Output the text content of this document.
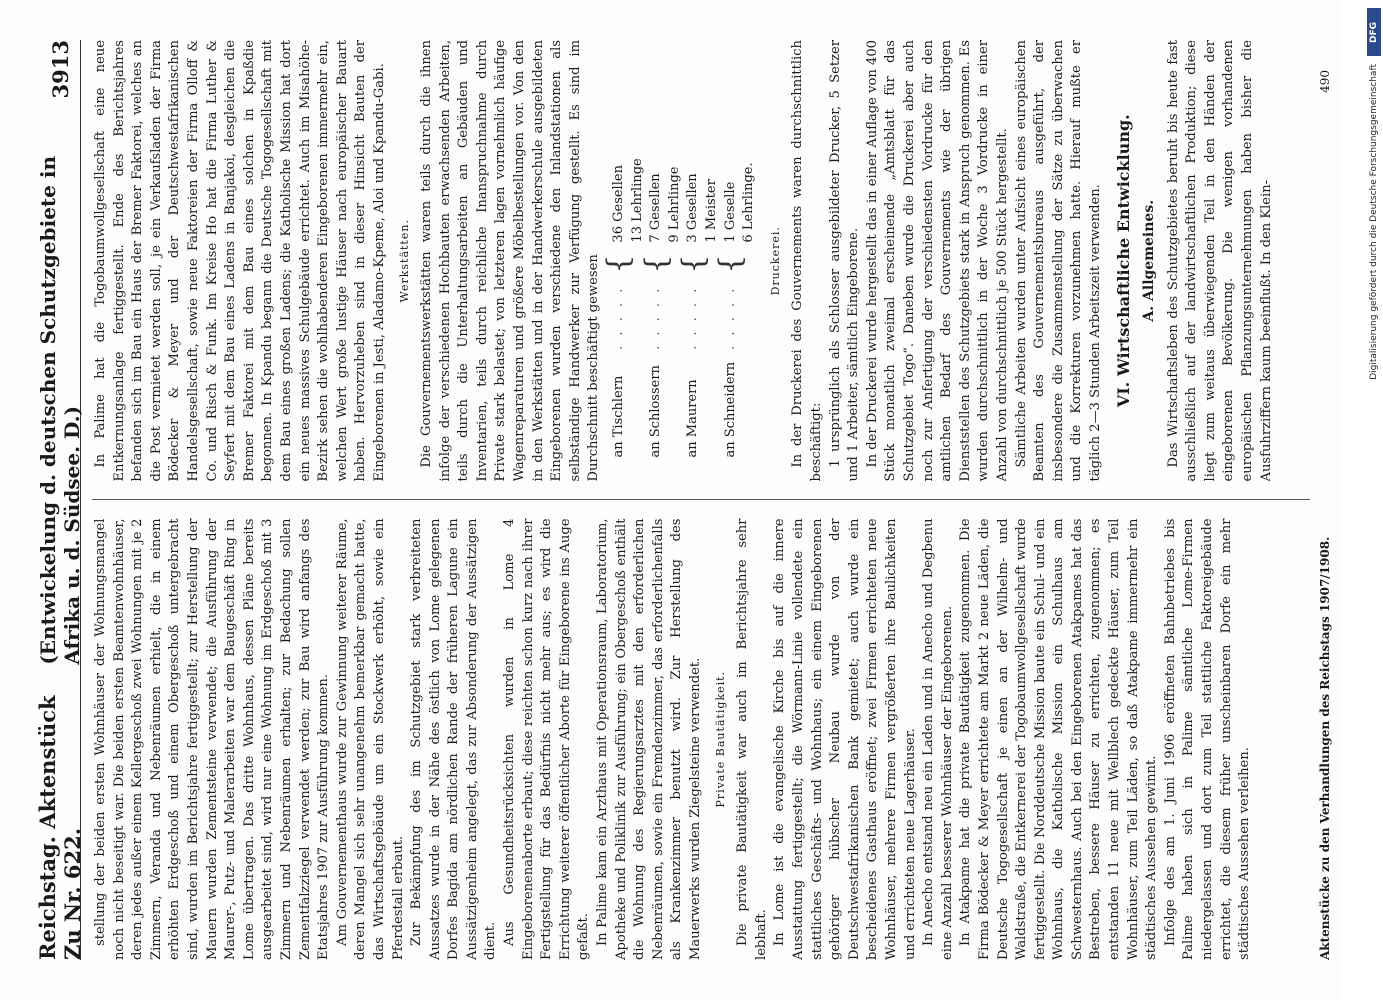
Reichstag. Aktenstück Zu Nr. 622.
(Entwickelung d. deutschen Schutzgebiete in Afrika u. d. Südsee. D.)
3913

stellung der beiden ersten Wohnhäuser der Wohnungsmangel noch nicht beseitigt war. Die beiden ersten Beamtenwohnhäuser, deren jedes außer einem Kellergeschoß zwei Wohnungen mit je 2 Zimmern, Veranda und Nebenräumen erhielt, die in einem erhöhten Erdgeschoß und einem Obergeschoß untergebracht sind, wurden im Berichtsjahre fertiggestellt; zur Herstellung der Mauern wurden Zementsteine verwendet; die Ausführung der Maurer-, Putz- und Malerarbeiten war dem Baugeschäft Ring in Lome übertragen. Das dritte Wohnhaus, dessen Pläne bereits ausgearbeitet sind, wird nur eine Wohnung im Erdgeschoß mit 3 Zimmern und Nebenräumen erhalten; zur Bedachung sollen Zementfalzziegel verwendet werden; zur Bau wird anfangs des Etatsjahres 1907 zur Ausführung kommen. Am Gouvernementhaus wurde zur Gewinnung weiterer Räume, deren Mangel sich sehr unangenehm bemerkbar gemacht hatte, das Wirtschaftsgebäude um ein Stockwerk erhöht, sowie ein Pferdestall erbaut. Zur Bekämpfung des im Schutzgebiet stark verbreiteten Aussatzes wurde in der Nähe des östlich von Lome gelegenen Dorfes Bagida am nördlichen Rande der früheren Lagune ein Aussätzigenheim angelegt, das zur Absonderung der Aussätzigen dient. Aus Gesundheitsrücksichten wurden in Lome 4 Eingeborenenaborte erbaut; diese reichten schon kurz nach ihrer Fertigstellung für das Bedürfnis nicht mehr aus; es wird die Errichtung weiterer öffentlicher Aborte für Eingeborene ins Auge gefaßt. In Palime kam ein Arzthaus mit Operationsraum, Laboratorium, Apotheke und Poliklinik zur Ausführung; ein Obergeschoß enthält die Wohnung des Regierungsarztes mit den erforderlichen Nebenräumen, sowie ein Fremdenzimmer, das erforderlichenfalls als Krankenzimmer benutzt wird. Zur Herstellung des Mauerwerks wurden Ziegelsteine verwendet. Private Bautätigkeit. Die private Bautätigkeit war auch im Berichtsjahre sehr lebhaft. In Lome ist die evangelische Kirche bis auf die innere Ausstattung fertiggestellt; die Wörmann-Linie vollendete ein stattliches Geschäfts- und Wohnhaus; ein einem Eingeborenen gehöriger hübscher Neubau wurde von der Deutschwestafrikanischen Bank gemietet; auch wurde ein bescheidenes Gasthaus eröffnet; zwei Firmen errichteten neue Wohnhäuser, mehrere Firmen vergrößerten ihre Baulichkeiten und errichteten neue Lagerhäuser. In Anecho entstand neu ein Laden und in Anecho und Degbenu eine Anzahl besserer Wohnhäuser der Eingeborenen. In Atakpame hat die private Bautätigkeit zugenommen. Die Firma Bödecker & Meyer errichtete am Markt 2 neue Läden, die Deutsche Togogesellschaft je einen an der Wilhelm- und Waldstraße, die Entkernerei der Togobaumwollgesellschaft wurde fertiggestellt. Die Norddeutsche Mission baute ein Schul- und ein Wohnhaus, die Katholische Mission ein Schulhaus am Schwesternhaus. Auch bei den Eingeborenen Atakpames hat das Bestreben, bessere Häuser zu errichten, zugenommen; es entstanden 11 neue mit Wellblech gedeckte Häuser, zum Teil Wohnhäuser, zum Teil Läden, so daß Atakpame immermehr ein städtisches Aussehen gewinnt. Infolge des am 1. Juni 1906 eröffneten Bahnbetriebes bis Palime haben sich in Palime sämtliche Lome-Firmen niedergelassen und dort zum Teil stattliche Faktoreigebäude errichtet, die diesem früher unscheinbaren Dorfe ein mehr städtisches Aussehen verleihen.

In Palime hat die Togobaumwollgesellschaft eine neue Entkernungsanlage fertiggestellt. Ende des Berichtsjahres befanden sich im Bau ein Haus der Bremer Faktorei, welches an die Post vermietet werden soll, je ein Verkaufsladen der Firma Bödecker & Meyer und der Deutschwestafrikanischen Handelsgesellschaft, sowie neue Faktoreien der Firma Olloff & Co. und Risch & Funk. Im Kreise Ho hat die Firma Luther & Seyfert mit dem Bau eines Ladens in Banjakoi, desgleichen die Bremer Faktorei mit dem Bau eines solchen in Kpaßdie begonnen. In Kpandu begann die Deutsche Togogesellschaft mit dem Bau eines großen Ladens; die Katholische Mission hat dort ein neues massives Schulgebäude errichtet. Auch im Misahöhe-Bezirk sehen die wohlhabenderen Eingeborenen immermehr ein, welchen Wert große lustige Häuser nach europäischer Bauart haben. Hervorzuheben sind in dieser Hinsicht Bauten der Eingeborenen in Jesti, Aladamo-Kpeme, Aloi und Kpandu-Gabi. Werkstätten. Die Gouvernementswerkstätten waren teils durch die ihnen infolge der verschiedenen Hochbauten erwachsenden Arbeiten, teils durch die Unterhaltungsarbeiten an Gebäuden und Inventarien, teils durch reichliche Inanspruchnahme durch Private stark belastet; von letzteren lagen vornehmlich häufige Wagenreparaturen und größere Möbelbestellungen vor. Von den in den Werkstätten und in der Handwerkerschule ausgebildeten Eingeborenen wurden verschiedene den Inlandstationen als selbständige Handwerker zur Verfügung gestellt. Es sind im Durchschnitt beschäftigt gewesen an Tischlern	. . . . .	{	36 Gesellen
			13 Lehrlinge
an Schlossern	. . . . .	{	7 Gesellen
			9 Lehrlinge
an Maurern	. . . . .	{	3 Gesellen
			1 Meister
an Schneidern	. . . . .	{	1 Geselle
			6 Lehrlinge.

Druckerei. In der Druckerei des Gouvernements waren durchschnittlich beschäftigt: 1 ursprünglich als Schlosser ausgebildeter Drucker, 5 Setzer und 1 Arbeiter, sämtlich Eingeborene. In der Druckerei wurde hergestellt das in einer Auflage von 400 Stück monatlich zweimal erscheinende „Amtsblatt für das Schutzgebiet Togo“. Daneben wurde die Druckerei aber auch noch zur Anfertigung der verschiedensten Vordrucke für den amtlichen Bedarf des Gouvernements wie der übrigen Dienststellen des Schutzgebiets stark in Anspruch genommen. Es wurden durchschnittlich in der Woche 3 Vordrucke in einer Anzahl von durchschnittlich je 500 Stück hergestellt. Sämtliche Arbeiten wurden unter Aufsicht eines europäischen Beamten des Gouvernementsbureaus ausgeführt, der insbesondere die Zusammenstellung der Sätze zu überwachen und die Korrekturen vorzunehmen hatte. Hierauf mußte er täglich 2—3 Stunden Arbeitszeit verwenden. VI. Wirtschaftliche Entwicklung. A. Allgemeines. Das Wirtschaftsleben des Schutzgebietes beruht bis heute fast ausschließlich auf der landwirtschaftlichen Produktion; diese liegt zum weitaus überwiegenden Teil in den Händen der eingeborenen Bevölkerung. Die wenigen vorhandenen europäischen Pflanzungsunternehmungen haben bisher die Ausfuhrziffern kaum beeinflußt. In den Klein-

Aktenstücke zu den Verhandlungen des Reichstags 1907/1908.
490
DFG
Digitalisierung gefördert durch die Deutsche Forschungsgemeinschaft
